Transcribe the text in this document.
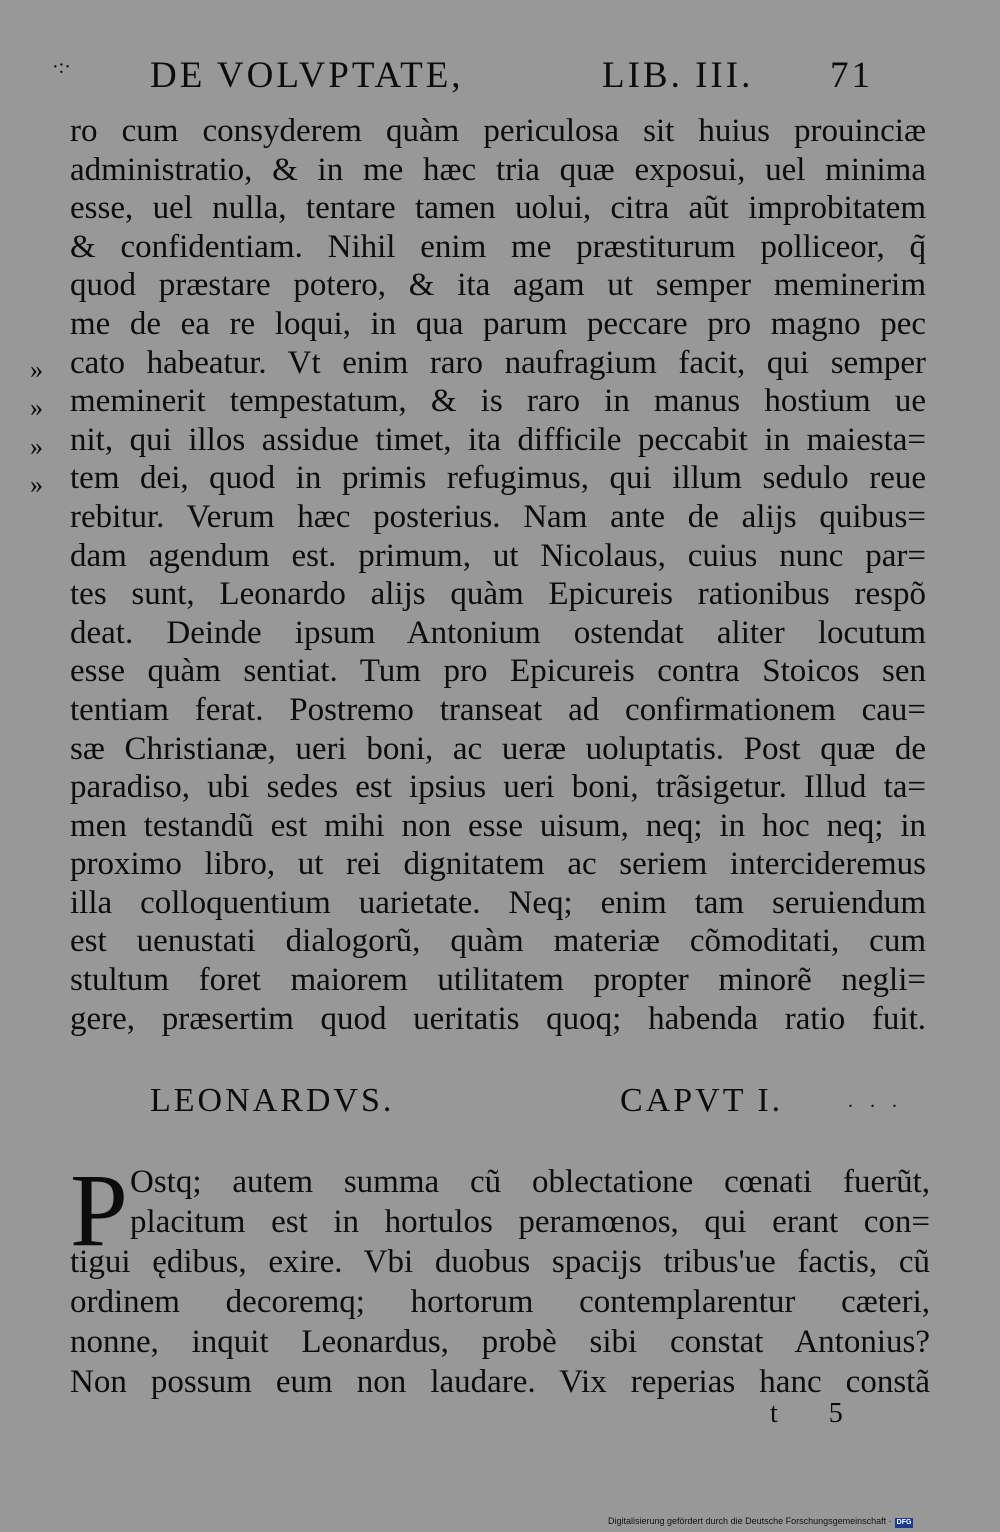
·:· DE VOLVPTATE,	LIB. III. 71
»
»
»
»
ro cum consyderem quàm periculosa sit huius prouinciæ
administratio, & in me hæc tria quæ exposui, uel minima
esse, uel nulla, tentare tamen uolui, citra aũt improbitatem
& confidentiam. Nihil enim me præstiturum polliceor, q̃
quod præstare potero, & ita agam ut semper meminerim
me de ea re loqui, in qua parum peccare pro magno pec
cato habeatur. Vt enim raro naufragium facit, qui semper
meminerit tempestatum, & is raro in manus hostium ue
nit, qui illos assidue timet, ita difficile peccabit in maiesta=
tem dei, quod in primis refugimus, qui illum sedulo reue
rebitur. Verum hæc posterius. Nam ante de alijs quibus=
dam agendum est. primum, ut Nicolaus, cuius nunc par=
tes sunt, Leonardo alijs quàm Epicureis rationibus respõ
deat. Deinde ipsum Antonium ostendat aliter locutum
esse quàm sentiat. Tum pro Epicureis contra Stoicos sen
tentiam ferat. Postremo transeat ad confirmationem cau=
sæ Christianæ, ueri boni, ac ueræ uoluptatis. Post quæ de
paradiso, ubi sedes est ipsius ueri boni, trãsigetur. Illud ta=
men testandũ est mihi non esse uisum, neq; in hoc neq; in
proximo libro, ut rei dignitatem ac seriem intercideremus
illa colloquentium uarietate. Neq; enim tam seruiendum
est uenustati dialogorũ, quàm materiæ cõmoditati, cum
stultum foret maiorem utilitatem propter minorẽ negli=
gere, præsertim quod ueritatis quoq; habenda ratio fuit.
LEONARDVS.	CAPVT I.	. . .
P Ostq; autem summa cũ oblectatione cœnati fuerũt,
placitum est in hortulos peramœnos, qui erant con=
tigui ędibus, exire. Vbi duobus spacijs tribus'ue factis, cũ
ordinem decoremq; hortorum contemplarentur cæteri,
nonne, inquit Leonardus, probè sibi constat Antonius?
Non possum eum non laudare. Vix reperias hanc constã
t 5
Digitalisierung gefördert durch die Deutsche Forschungsgemeinschaft · DFG
